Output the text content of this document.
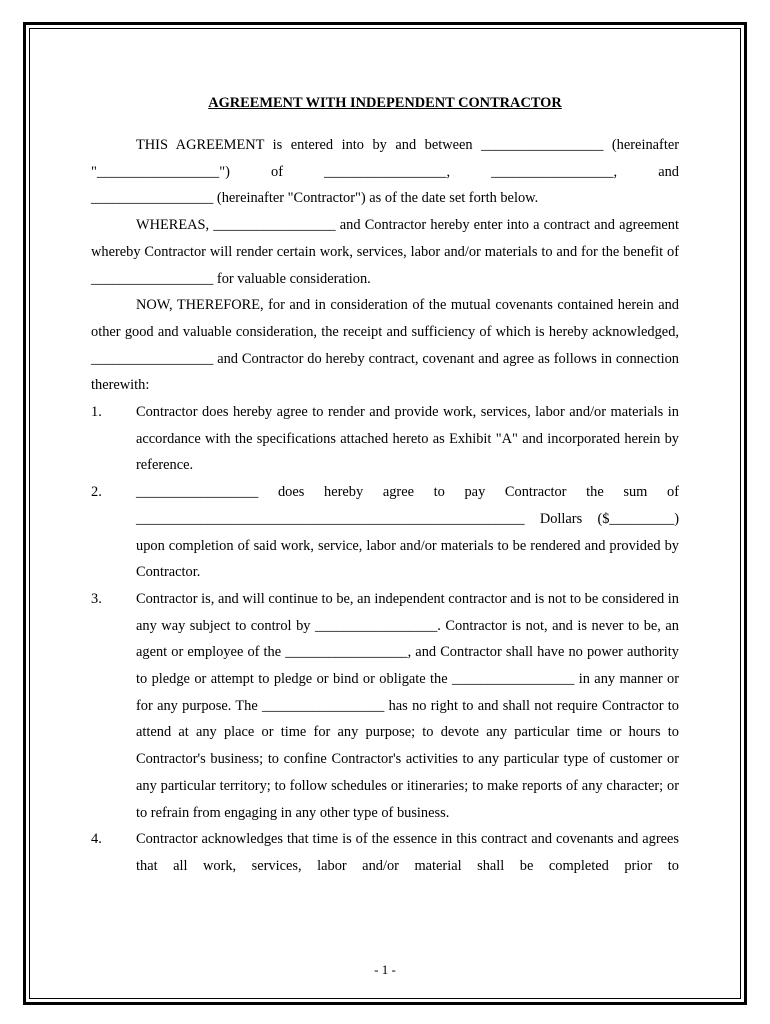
AGREEMENT WITH INDEPENDENT CONTRACTOR

THIS AGREEMENT is entered into by and between _________________ (hereinafter

"_________________")	of	_________________,	_________________,	and

_________________ (hereinafter "Contractor") as of the date set forth below.

WHEREAS, _________________ and Contractor hereby enter into a contract and agreement whereby Contractor will render certain work, services, labor and/or materials to and for the benefit of _________________ for valuable consideration.

NOW, THEREFORE, for and in consideration of the mutual covenants contained herein and other good and valuable consideration, the receipt and sufficiency of which is hereby acknowledged, _________________ and Contractor do hereby contract, covenant and agree as follows in connection therewith:

1.	Contractor does hereby agree to render and provide work, services, labor and/or materials in accordance with the specifications attached hereto as Exhibit "A" and incorporated herein by reference.
2.	_________________ does hereby agree to pay Contractor the sum of ______________________________________________________ Dollars ($_________) upon completion of said work, service, labor and/or materials to be rendered and provided by Contractor.
3.	Contractor is, and will continue to be, an independent contractor and is not to be considered in any way subject to control by _________________. Contractor is not, and is never to be, an agent or employee of the _________________, and Contractor shall have no power authority to pledge or attempt to pledge or bind or obligate the _________________ in any manner or for any purpose. The _________________ has no right to and shall not require Contractor to attend at any place or time for any purpose; to devote any particular time or hours to Contractor's business; to confine Contractor's activities to any particular type of customer or any particular territory; to follow schedules or itineraries; to make reports of any character; or to refrain from engaging in any other type of business.
4.	Contractor acknowledges that time is of the essence in this contract and covenants and agrees that all work, services, labor and/or material shall be completed prior to
- 1 -
